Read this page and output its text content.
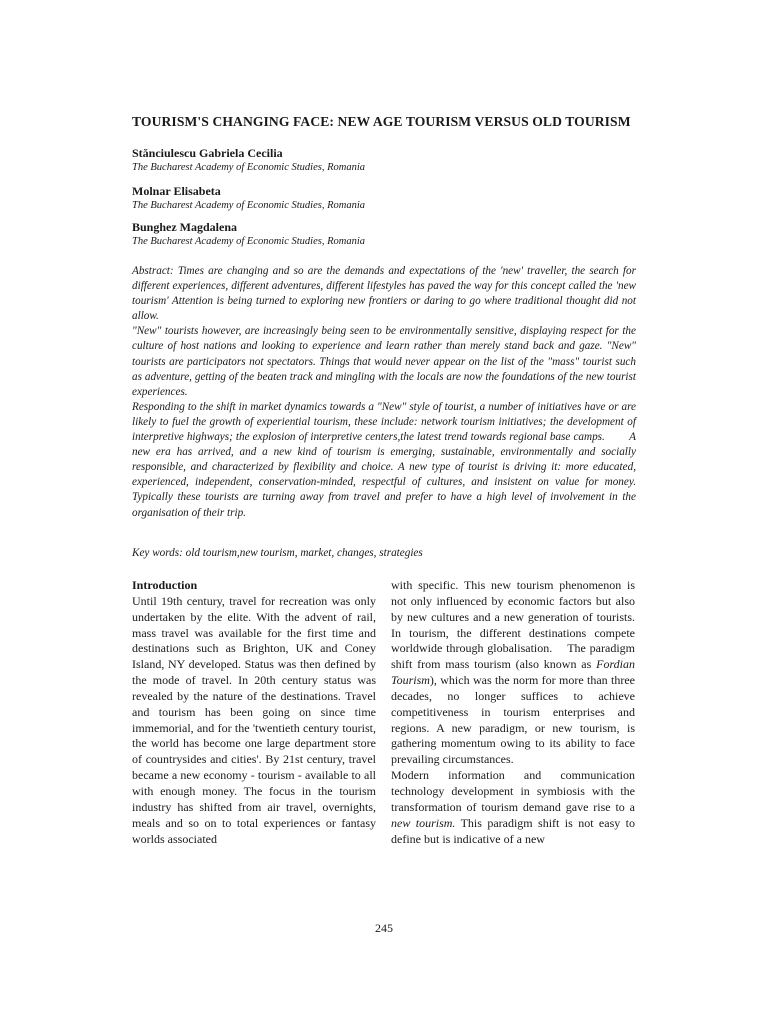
TOURISM'S CHANGING FACE: NEW AGE TOURISM VERSUS OLD TOURISM
Stănciulescu Gabriela Cecilia
The Bucharest Academy of Economic Studies, Romania
Molnar Elisabeta
The Bucharest Academy of Economic Studies, Romania
Bunghez Magdalena
The Bucharest Academy of Economic Studies, Romania

Abstract: Times are changing and so are the demands and expectations of the 'new' traveller, the search for different experiences, different adventures, different lifestyles has paved the way for this concept called the 'new tourism' Attention is being turned to exploring new frontiers or daring to go where traditional thought did not allow.

"New" tourists however, are increasingly being seen to be environmentally sensitive, displaying respect for the culture of host nations and looking to experience and learn rather than merely stand back and gaze. "New" tourists are participators not spectators. Things that would never appear on the list of the "mass" tourist such as adventure, getting of the beaten track and mingling with the locals are now the foundations of the new tourist experiences.

Responding to the shift in market dynamics towards a "New" style of tourist, a number of initiatives have or are likely to fuel the growth of experiential tourism, these include: network tourism initiatives; the development of interpretive highways; the explosion of interpretive centers,the latest trend towards regional base camps.        A new era has arrived, and a new kind of tourism is emerging, sustainable, environmentally and socially responsible, and characterized by flexibility and choice. A new type of tourist is driving it: more educated, experienced, independent, conservation-minded, respectful of cultures, and insistent on value for money. Typically these tourists are turning away from travel and prefer to have a high level of involvement in the organisation of their trip.

Key words: old tourism,new tourism, market, changes, strategies
Introduction

Until 19th century, travel for recreation was only undertaken by the elite. With the advent of rail, mass travel was available for the first time and destinations such as Brighton, UK and Coney Island, NY developed. Status was then defined by the mode of travel. In 20th century status was revealed by the nature of the destinations. Travel and tourism has been going on since time immemorial, and for the 'twentieth century tourist, the world has become one large department store of countrysides and cities'. By 21st century, travel became a new economy - tourism - available to all with enough money. The focus in the tourism industry has shifted from air travel, overnights, meals and so on to total experiences or fantasy worlds associated

with specific. This new tourism phenomenon is not only influenced by economic factors but also by new cultures and a new generation of tourists. In tourism, the different destinations compete worldwide through globalisation.    The paradigm shift from mass tourism (also known as Fordian Tourism), which was the norm for more than three decades, no longer suffices to achieve competitiveness in tourism enterprises and regions. A new paradigm, or new tourism, is gathering momentum owing to its ability to face prevailing circumstances.

Modern information and communication technology development in symbiosis with the transformation of tourism demand gave rise to a new tourism. This paradigm shift is not easy to define but is indicative of a new

245
